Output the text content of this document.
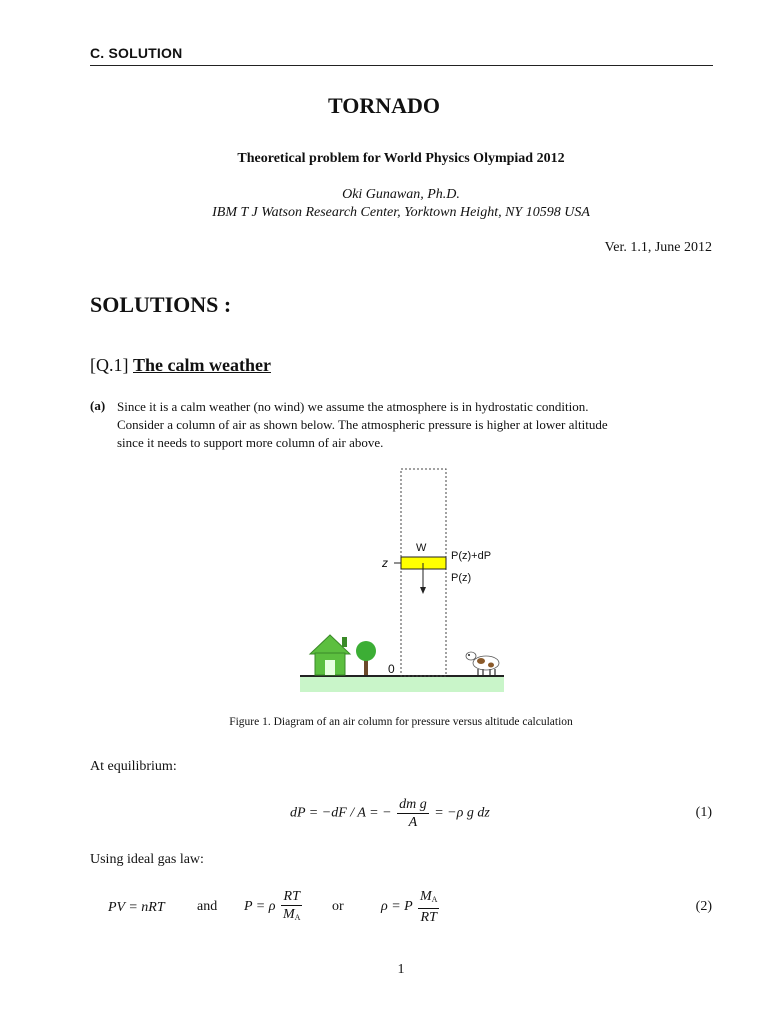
C. SOLUTION
TORNADO
Theoretical problem for World Physics Olympiad 2012
Oki Gunawan, Ph.D.
IBM T J Watson Research Center, Yorktown Height, NY 10598 USA
Ver. 1.1, June 2012
SOLUTIONS :
[Q.1] The calm weather
(a) Since it is a calm weather (no wind) we assume the atmosphere is in hydrostatic condition.
Consider a column of air as shown below. The atmospheric pressure is higher at lower altitude
since it needs to support more column of air above.
W
z	P(z)+dP
P(z)
0
Figure 1. Diagram of an air column for pressure versus altitude calculation
At equilibrium:
dP = −dF / A = − $\frac{\text{dm g}}{A} = -\rho$ g dz	(1)
Using ideal gas law:
PV = nRT and P = ρ $\frac{RT}{M_A}$ or	ρ = P $\frac{M_A}{RT}$	(2)
1
